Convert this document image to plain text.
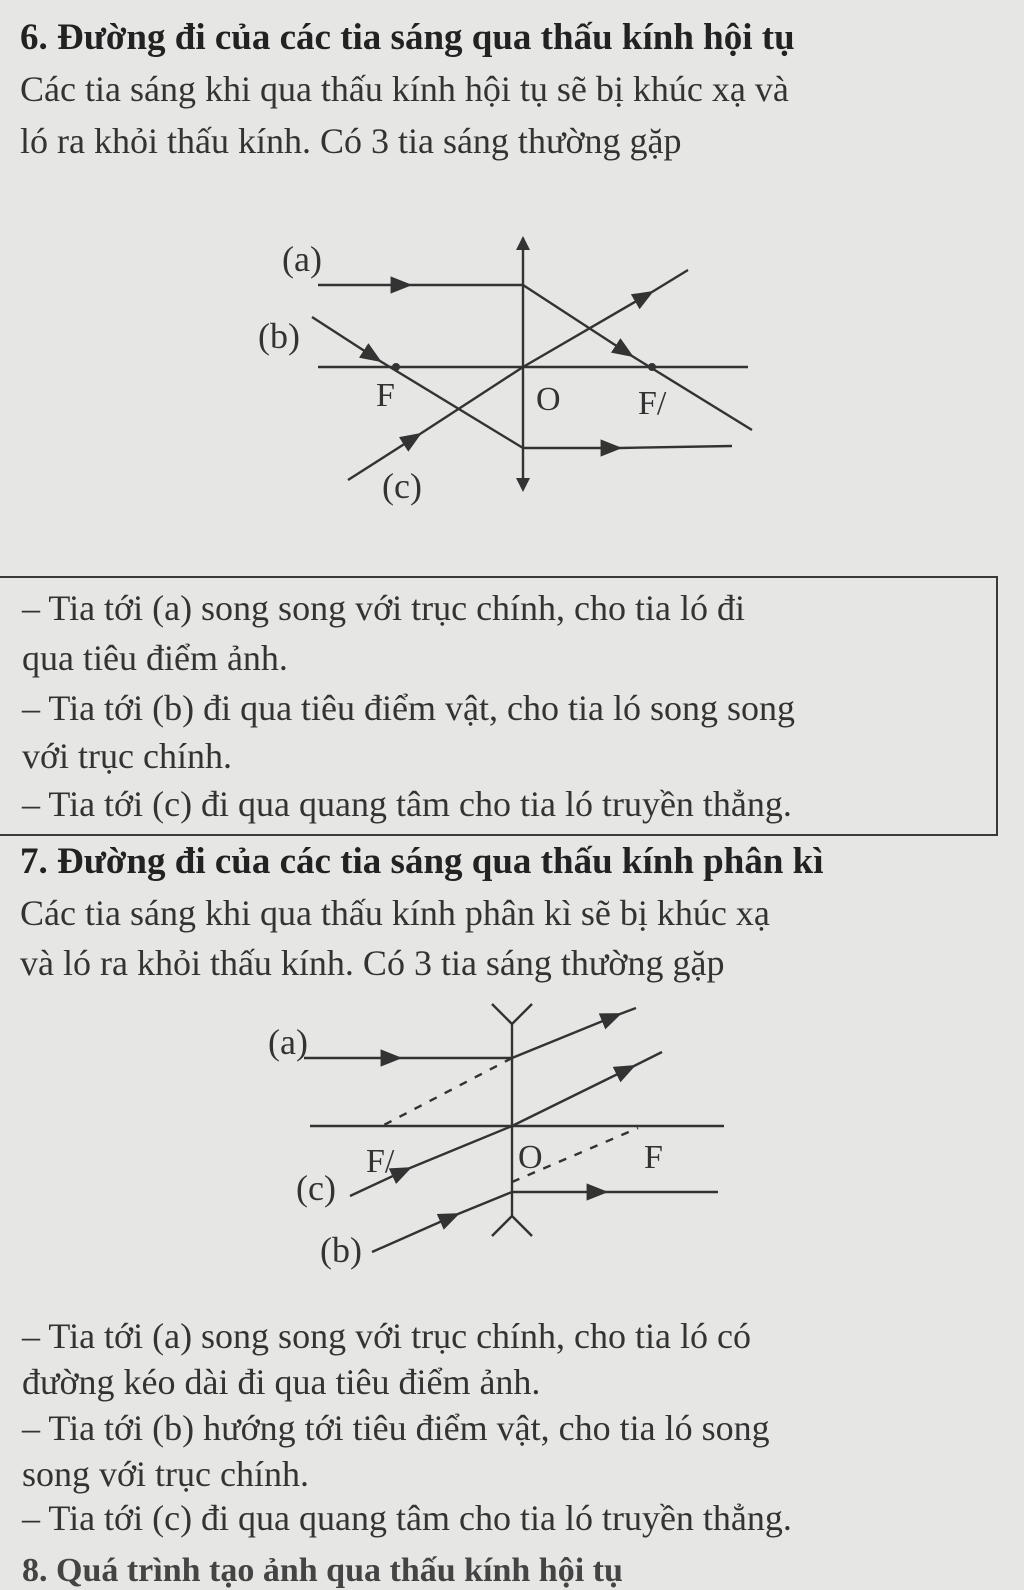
6. Đường đi của các tia sáng qua thấu kính hội tụ
Các tia sáng khi qua thấu kính hội tụ sẽ bị khúc xạ và
ló ra khỏi thấu kính. Có 3 tia sáng thường gặp
(a)
(b)
(c)
F	O F/
– Tia tới (a) song song với trục chính, cho tia ló đi
qua tiêu điểm ảnh.
– Tia tới (b) đi qua tiêu điểm vật, cho tia ló song song
với trục chính.
– Tia tới (c) đi qua quang tâm cho tia ló truyền thẳng.
7. Đường đi của các tia sáng qua thấu kính phân kì
Các tia sáng khi qua thấu kính phân kì sẽ bị khúc xạ
và ló ra khỏi thấu kính. Có 3 tia sáng thường gặp
(a)
(c)
(b)
F/	O	F
– Tia tới (a) song song với trục chính, cho tia ló có
đường kéo dài đi qua tiêu điểm ảnh.
– Tia tới (b) hướng tới tiêu điểm vật, cho tia ló song
song với trục chính.
– Tia tới (c) đi qua quang tâm cho tia ló truyền thẳng.
8. Quá trình tạo ảnh qua thấu kính hội tụ
